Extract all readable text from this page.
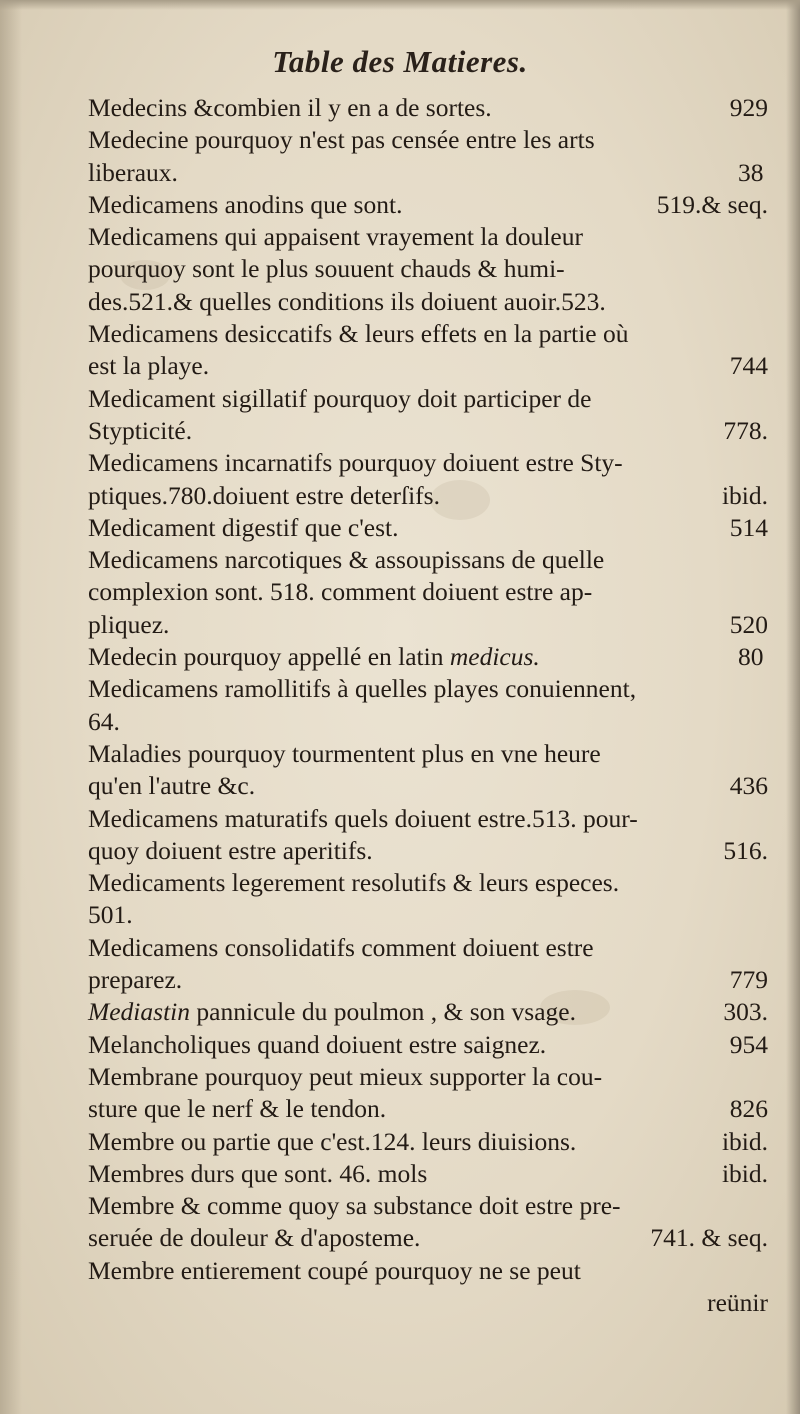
Table des Matieres.
Medecins &combien il y en a de sortes.	929
Medecine pourquoy n'est pas censée entre les arts
liberaux.	38
Medicamens anodins que sont.	519.& seq.
Medicamens qui appaisent vrayement la douleur
pourquoy sont le plus souuent chauds & humi-
des.521.& quelles conditions ils doiuent auoir.523.
Medicamens desiccatifs & leurs effets en la partie où
est la playe.	744
Medicament sigillatif pourquoy doit participer de
Stypticité.	778.
Medicamens incarnatifs pourquoy doiuent estre Sty-
ptiques.780.doiuent estre deterſifs.	ibid.
Medicament digestif que c'est.	514
Medicamens narcotiques & assoupissans de quelle
complexion sont. 518. comment doiuent estre ap-
pliquez.	520
Medecin pourquoy appellé en latin medicus.	80
Medicamens ramollitifs à quelles playes conuiennent,
64.
Maladies pourquoy tourmentent plus en vne heure
qu'en l'autre &c.	436
Medicamens maturatifs quels doiuent estre.513. pour-
quoy doiuent estre aperitifs.	516.
Medicaments legerement resolutifs & leurs especes.
501.
Medicamens consolidatifs comment doiuent estre
preparez.	779
Mediastin pannicule du poulmon , & son vsage.	303.
Melancholiques quand doiuent estre saignez.	954
Membrane pourquoy peut mieux supporter la cou-
sture que le nerf & le tendon.	826
Membre ou partie que c'est.124. leurs diuisions.	ibid.
Membres durs que sont. 46. mols	ibid.
Membre & comme quoy sa substance doit estre pre-
seruée de douleur & d'aposteme.	741. & seq.
Membre entierement coupé pourquoy ne se peut
reünir
